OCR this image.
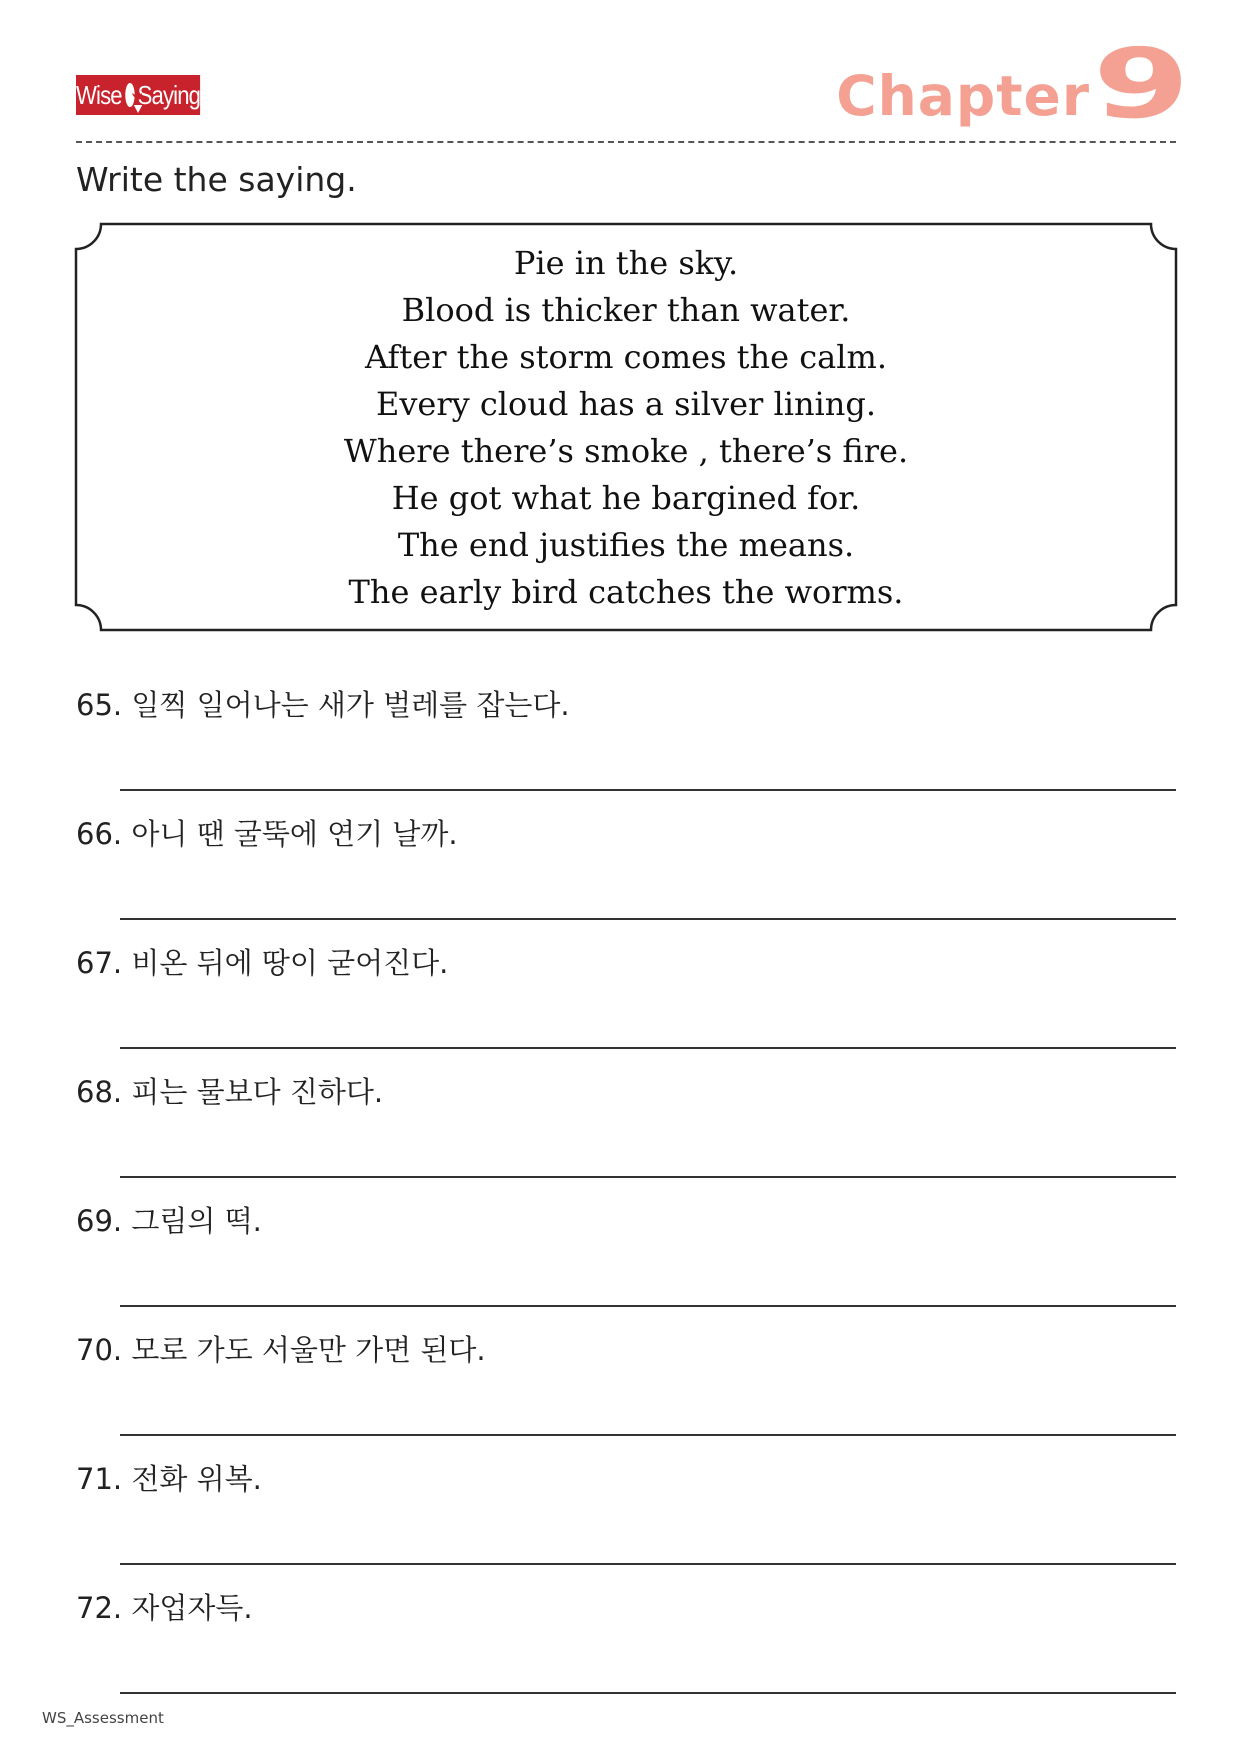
Wise Saying	Chapter 9
Write the saying.
Pie in the sky.
Blood is thicker than water.
After the storm comes the calm.
Every cloud has a silver lining.
Where there’s smoke , there’s fire.
He got what he bargined for.
The end justifies the means.
The early bird catches the worms.
65. 일찍 일어나는 새가 벌레를 잡는다.
66. 아니 땐 굴뚝에 연기 날까.
67. 비온 뒤에 땅이 굳어진다.
68. 피는 물보다 진하다.
69. 그림의 떡.
70. 모로 가도 서울만 가면 된다.
71. 전화 위복.
72. 자업자득.
WS_Assessment
